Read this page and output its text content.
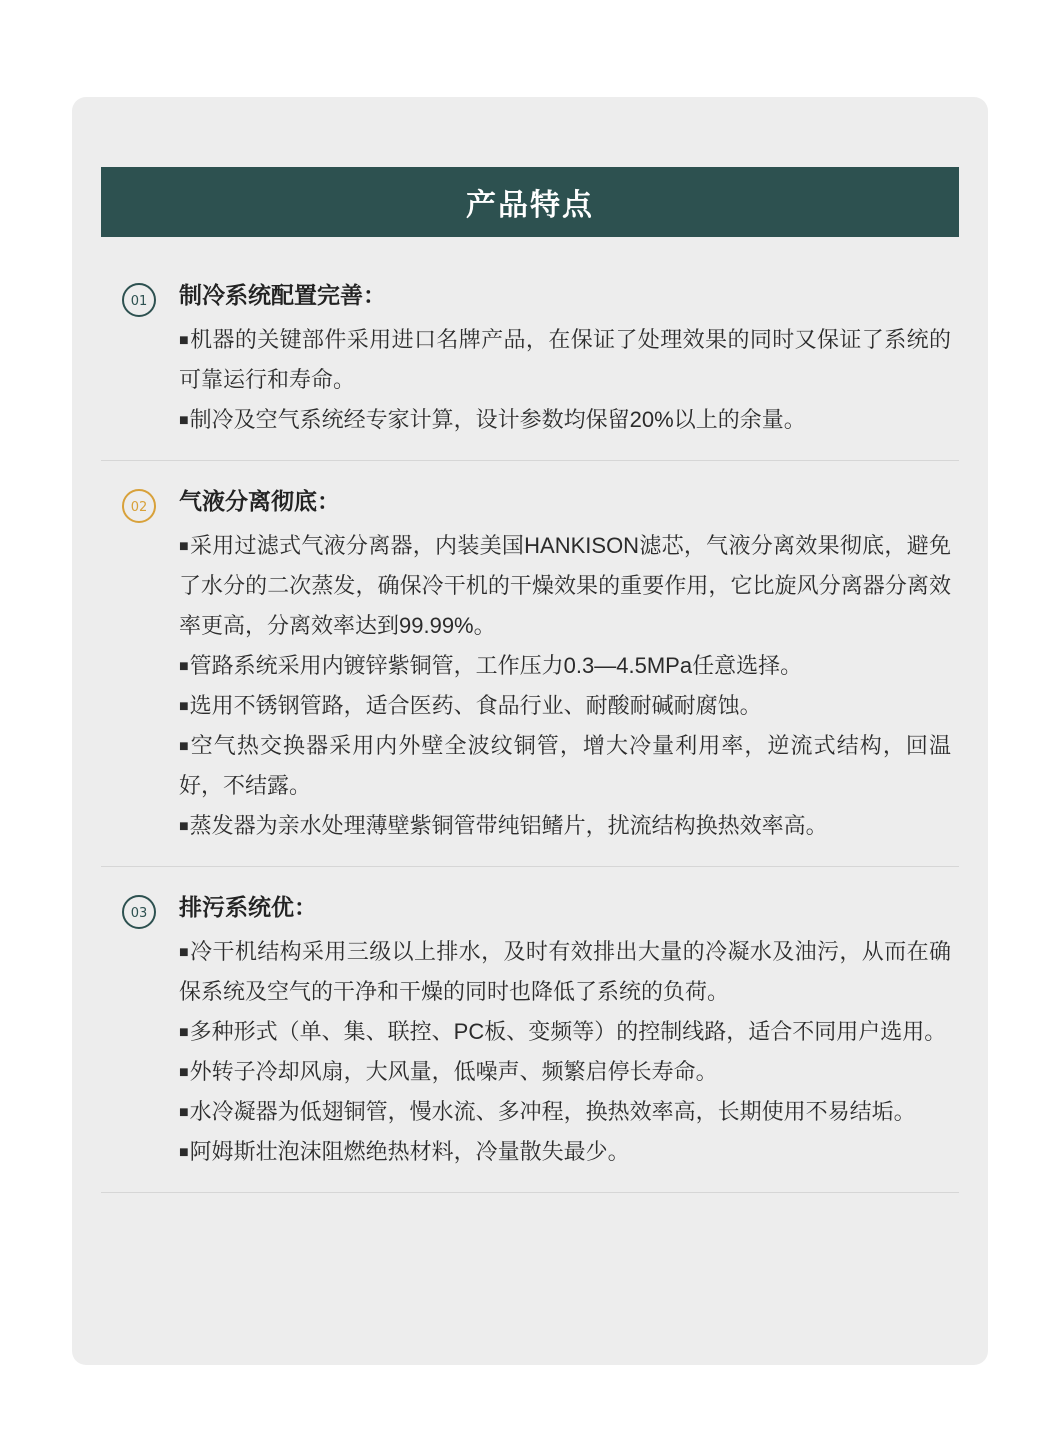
产品特点
01	制冷系统配置完善：
■机器的关键部件采用进口名牌产品，在保证了处理效果的同时又保证了系统的可靠运行和寿命。
■制冷及空气系统经专家计算，设计参数均保留20%以上的余量。
02	气液分离彻底：
■采用过滤式气液分离器，内装美国HANKISON滤芯，气液分离效果彻底，避免了水分的二次蒸发，确保冷干机的干燥效果的重要作用，它比旋风分离器分离效率更高，分离效率达到99.99%。
■管路系统采用内镀锌紫铜管，工作压力0.3—4.5MPa任意选择。
■选用不锈钢管路，适合医药、食品行业、耐酸耐碱耐腐蚀。
■空气热交换器采用内外壁全波纹铜管，增大冷量利用率，逆流式结构，回温好，不结露。
■蒸发器为亲水处理薄壁紫铜管带纯铝鳍片，扰流结构换热效率高。
03	排污系统优：
■冷干机结构采用三级以上排水，及时有效排出大量的冷凝水及油污，从而在确保系统及空气的干净和干燥的同时也降低了系统的负荷。
■多种形式（单、集、联控、PC板、变频等）的控制线路，适合不同用户选用。
■外转子冷却风扇，大风量，低噪声、频繁启停长寿命。
■水冷凝器为低翅铜管，慢水流、多冲程，换热效率高，长期使用不易结垢。
■阿姆斯壮泡沫阻燃绝热材料，冷量散失最少。
